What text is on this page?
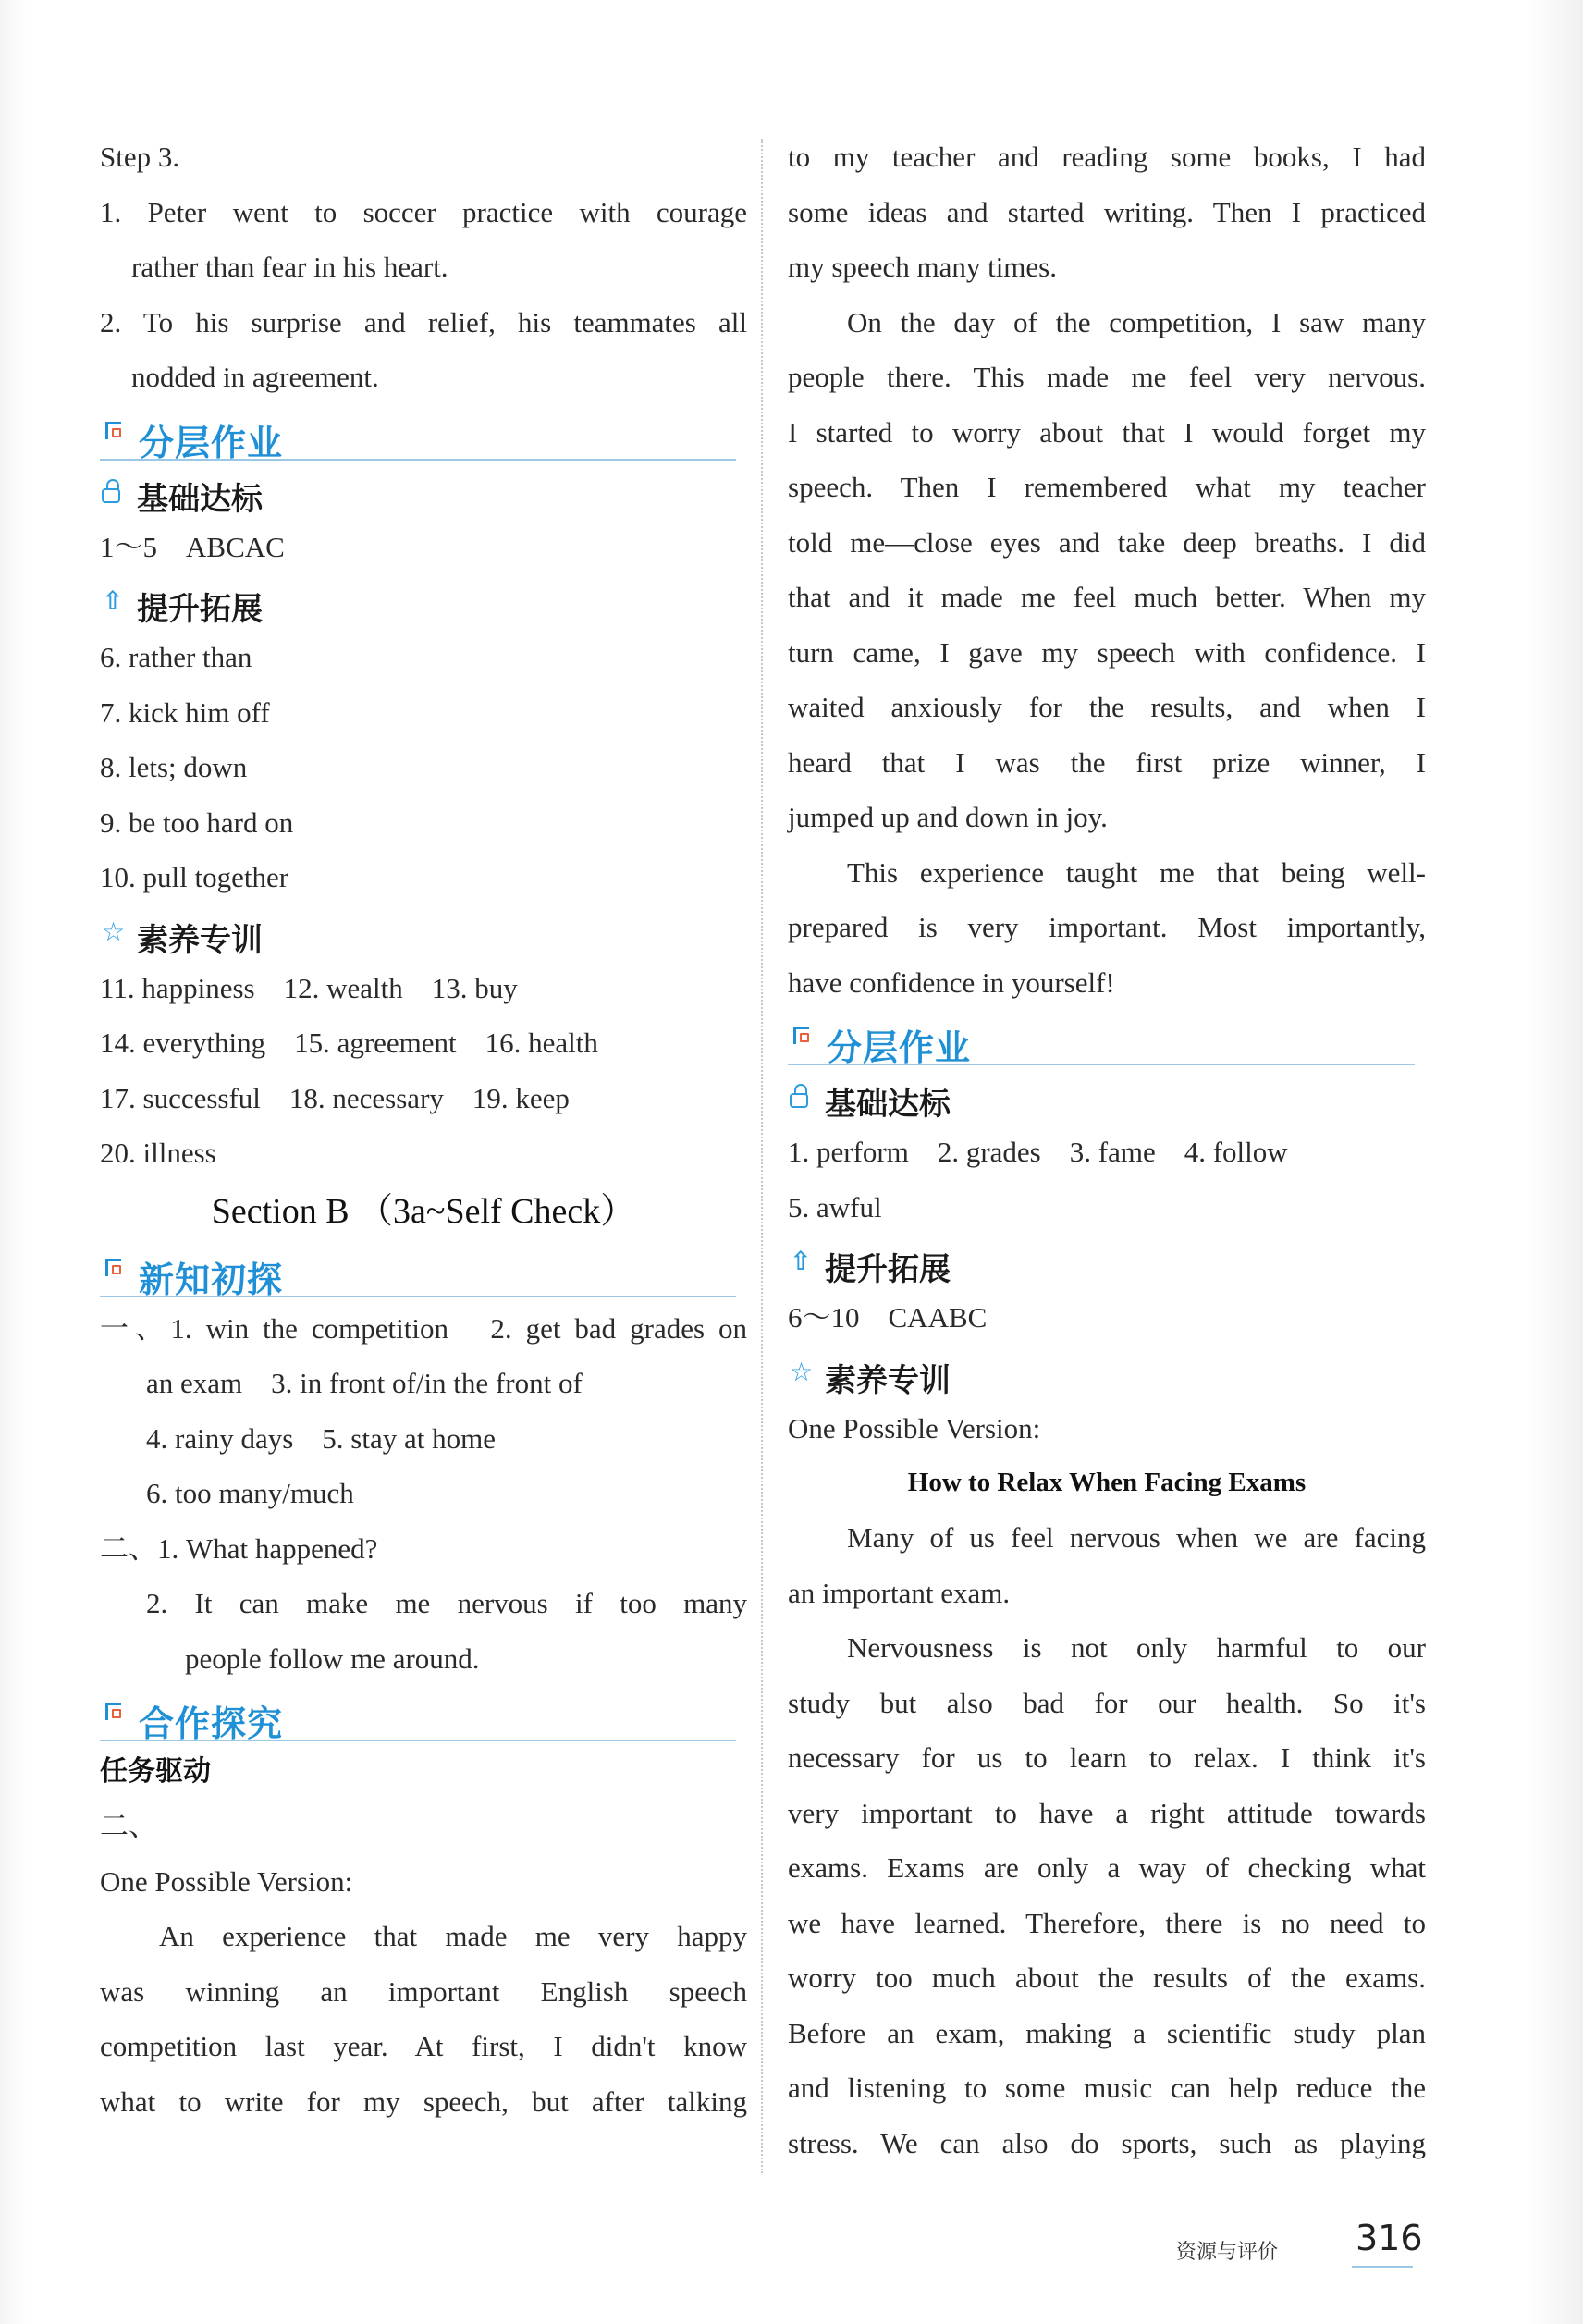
Step 3.
1. Peter went to soccer practice with courage
rather than fear in his heart.
2. To his surprise and relief, his teammates all
nodded in agreement.
分层作业
基础达标
1～5　ABCAC
⇧ 提升拓展
6. rather than
7. kick him off
8. lets; down
9. be too hard on
10. pull together
☆ 素养专训
11. happiness　12. wealth　13. buy
14. everything　15. agreement　16. health
17. successful　18. necessary　19. keep
20. illness
Section B （3a~Self Check）
新知初探
一、1. win the competition　2. get bad grades on
an exam　3. in front of/in the front of
4. rainy days　5. stay at home
6. too many/much
二、1. What happened?
2. It can make me nervous if too many
people follow me around.
合作探究
任务驱动
二、
One Possible Version:
An experience that made me very happy
was winning an important English speech
competition last year. At first, I didn't know
what to write for my speech, but after talking
to my teacher and reading some books, I had
some ideas and started writing. Then I practiced
my speech many times.
On the day of the competition, I saw many
people there. This made me feel very nervous.
I started to worry about that I would forget my
speech. Then I remembered what my teacher
told me—close eyes and take deep breaths. I did
that and it made me feel much better. When my
turn came, I gave my speech with confidence. I
waited anxiously for the results, and when I
heard that I was the first prize winner, I
jumped up and down in joy.
This experience taught me that being well-
prepared is very important. Most importantly,
have confidence in yourself!
分层作业
基础达标
1. perform　2. grades　3. fame　4. follow
5. awful
⇧ 提升拓展
6～10　CAABC
☆ 素养专训
One Possible Version:
How to Relax When Facing Exams
Many of us feel nervous when we are facing
an important exam.
Nervousness is not only harmful to our
study but also bad for our health. So it's
necessary for us to learn to relax. I think it's
very important to have a right attitude towards
exams. Exams are only a way of checking what
we have learned. Therefore, there is no need to
worry too much about the results of the exams.
Before an exam, making a scientific study plan
and listening to some music can help reduce the
stress. We can also do sports, such as playing
资源与评价 316
